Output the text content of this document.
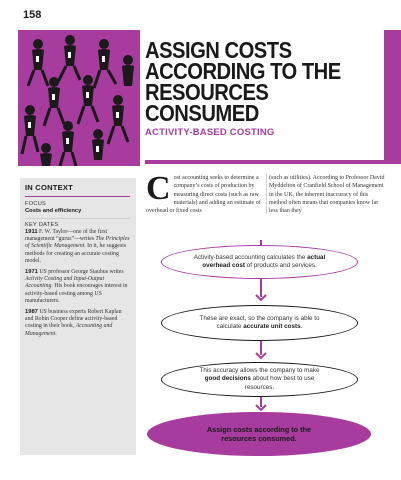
158
ASSIGN COSTS ACCORDING TO THE RESOURCES CONSUMED
ACTIVITY-BASED COSTING
IN CONTEXT
FOCUS
Costs and efficiency
KEY DATES
1911 F. W. Taylor—one of the first management “gurus”—writes The Principles of Scientific Management. In it, he suggests methods for creating an accurate costing model.
1971 US professor George Staubus writes Activity Costing and Input-Output Accounting. His book encourages interest in activity-based costing among US manufacturers.
1987 US business experts Robert Kaplan and Robin Cooper define activity-based costing in their book, Accounting and Management.
Cost accounting seeks to determine a company’s costs of production by measuring direct costs (such as raw materials) and adding an estimate of overhead or fixed costs
(such as utilities). According to Professor David Myddelton of Cranfield School of Management in the UK, the inherent inaccuracy of this method often means that companies know far less than they
Activity-based accounting calculates the actual overhead cost of products and services.
These are exact, so the company is able to calculate accurate unit costs.
This accuracy allows the company to make good decisions about how best to use resources.
Assign costs according to the resources consumed.
